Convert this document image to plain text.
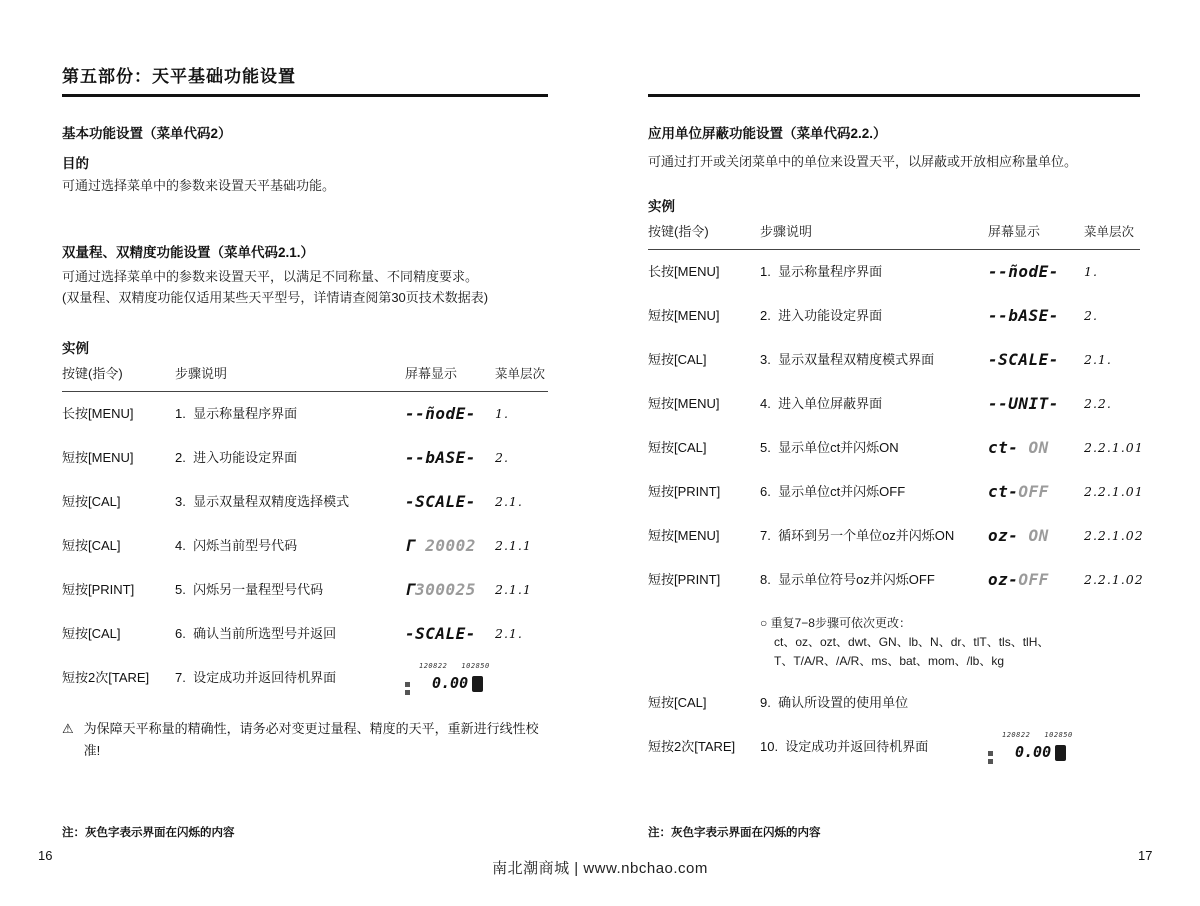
第五部份：天平基础功能设置
基本功能设置（菜单代码2）
目的
可通过选择菜单中的参数来设置天平基础功能。
双量程、双精度功能设置（菜单代码2.1.）
可通过选择菜单中的参数来设置天平，以满足不同称量、不同精度要求。
(双量程、双精度功能仅适用某些天平型号，详情请查阅第30页技术数据表)
实例
按键(指令)	步骤说明	屏幕显示	菜单层次
长按[MENU]	1.  显示称量程序界面	--ñodE-	1.
短按[MENU]	2.  进入功能设定界面	--bASE-	2.
短按[CAL]	3.  显示双量程双精度选择模式	-SCALE-	2.1.
短按[CAL]	4.  闪烁当前型号代码	Γ 20002	2.1.1
短按[PRINT]	5.  闪烁另一量程型号代码	Γ300025	2.1.1
短按[CAL]	6.  确认当前所选型号并返回	-SCALE-	2.1.
短按2次[TARE]	7.  设定成功并返回待机界面
120822   102850
0.00
⚠ 为保障天平称量的精确性，请务必对变更过量程、精度的天平，重新进行线性校准!
注：灰色字表示界面在闪烁的内容
应用单位屏蔽功能设置（菜单代码2.2.）
可通过打开或关闭菜单中的单位来设置天平，以屏蔽或开放相应称量单位。
实例
按键(指令)	步骤说明	屏幕显示	菜单层次
长按[MENU]	1.  显示称量程序界面	--ñodE-	1.
短按[MENU]	2.  进入功能设定界面	--bASE-	2.
短按[CAL]	3.  显示双量程双精度模式界面	-SCALE-	2.1.
短按[MENU]	4.  进入单位屏蔽界面	--UNIT-	2.2.
短按[CAL]	5.  显示单位ct并闪烁ON	ct- ON	2.2.1.01
短按[PRINT]	6.  显示单位ct并闪烁OFF	ct-OFF	2.2.1.01
短按[MENU]	7.  循环到另一个单位oz并闪烁ON	oz- ON	2.2.1.02
短按[PRINT]	8.  显示单位符号oz并闪烁OFF	oz-OFF	2.2.1.02
○ 重复7−8步骤可依次更改：
ct、oz、ozt、dwt、GN、lb、N、dr、tlT、tls、tlH、
T、T/A/R、/A/R、ms、bat、mom、/lb、kg
短按[CAL]	9.  确认所设置的使用单位
短按2次[TARE]	10.  设定成功并返回待机界面
120822   102850
0.00
注：灰色字表示界面在闪烁的内容
16	17
南北潮商城 | www.nbchao.com
